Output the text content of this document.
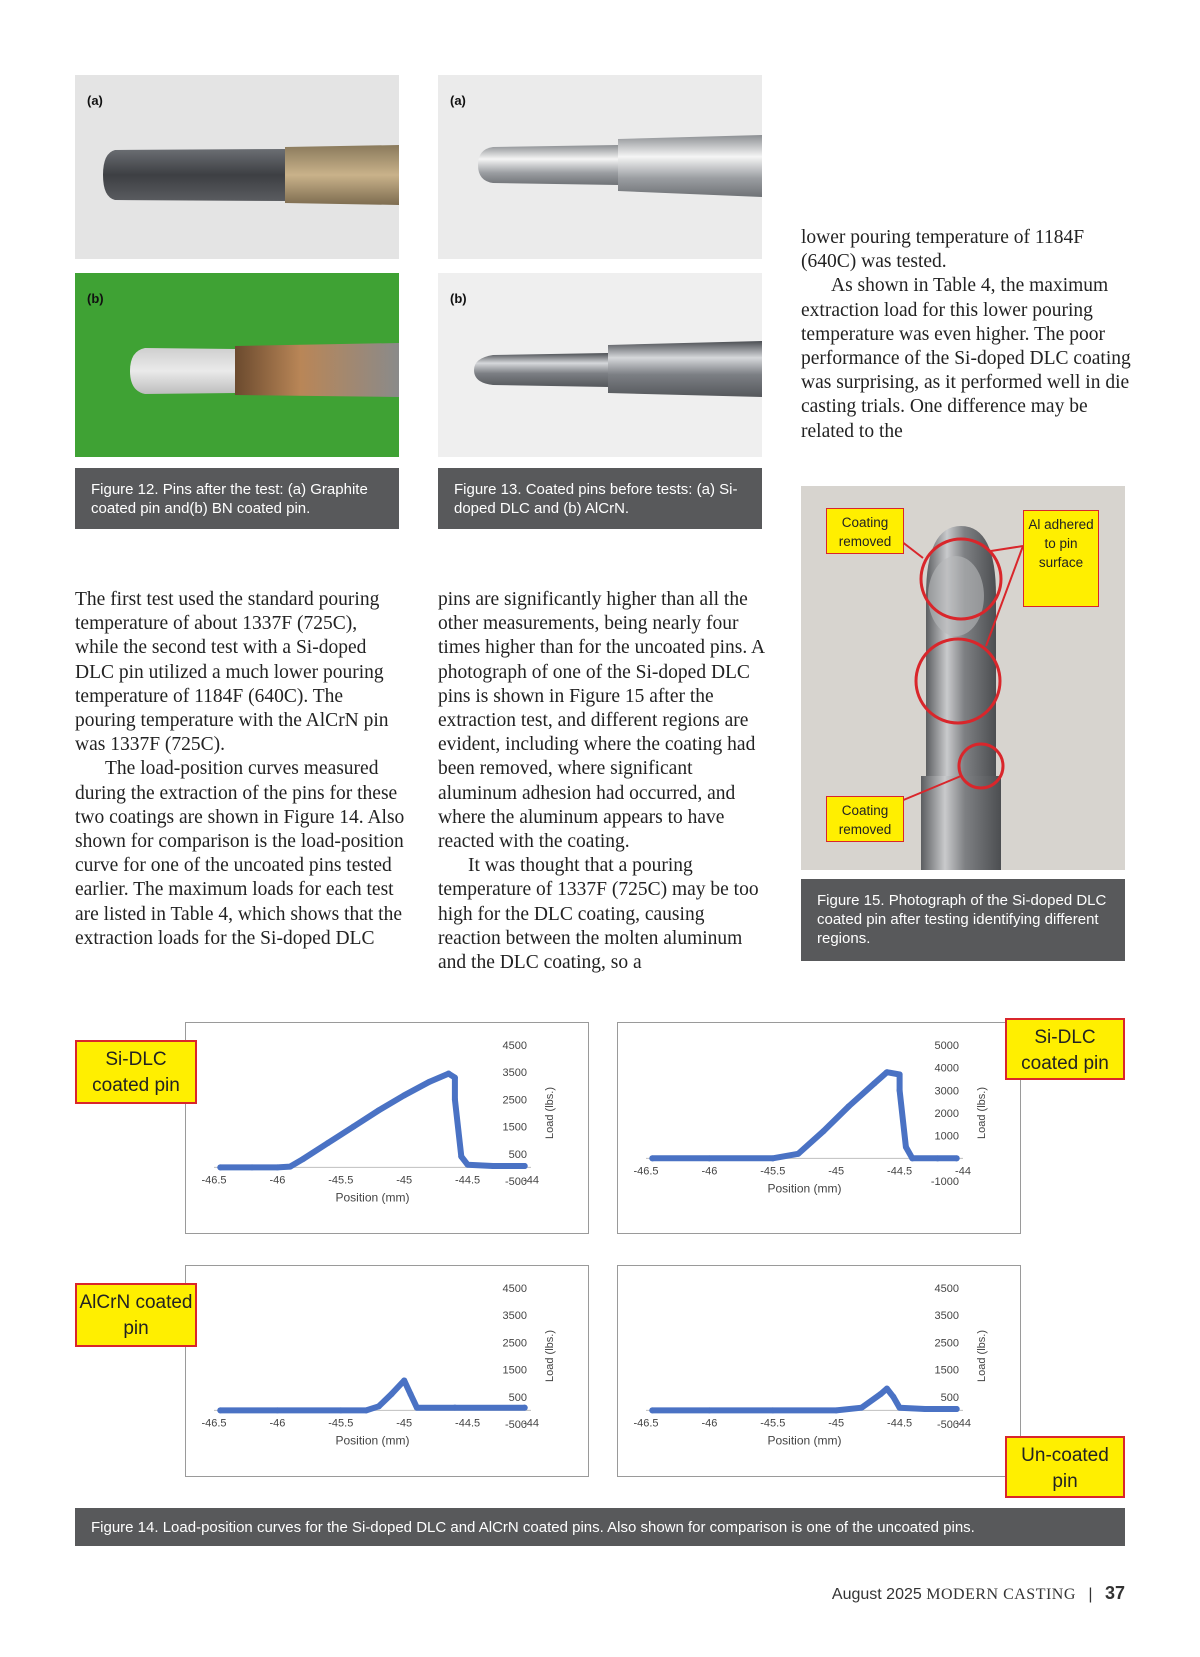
(a)
(b)
Figure 12. Pins after the test: (a) Graphite coated pin and(b) BN coated pin.
(a)
(b)
Figure 13. Coated pins before tests: (a) Si-doped DLC and (b) AlCrN.

lower pouring temperature of 1184F (640C) was tested.

As shown in Table 4, the maximum extraction load for this lower pouring temperature was even higher. The poor performance of the Si-doped DLC coating was surprising, as it performed well in die casting trials. One difference may be related to the

Coating removed
Al adhered to pin surface
Coating removed
Figure 15. Photograph of the Si-doped DLC coated pin after testing identifying different regions.

The first test used the standard pouring temperature of about 1337F (725C), while the second test with a Si-doped DLC pin utilized a much lower pouring temperature of 1184F (640C). The pouring temperature with the AlCrN pin was 1337F (725C).

The load-position curves measured during the extraction of the pins for these two coatings are shown in Figure 14. Also shown for comparison is the load-position curve for one of the uncoated pins tested earlier. The maximum loads for each test are listed in Table 4, which shows that the extraction loads for the Si-doped DLC

pins are significantly higher than all the other measurements, being nearly four times higher than for the uncoated pins. A photograph of one of the Si-doped DLC pins is shown in Figure 15 after the extraction test, and different regions are evident, including where the coating had been removed, where significant aluminum adhesion had occurred, and where the aluminum appears to have reacted with the coating.

It was thought that a pouring temperature of 1337F (725C) may be too high for the DLC coating, causing reaction between the molten aluminum and the DLC coating, so a

-46.5	-46	-45.5	-45	-44.5	-44
-500
500
1500
2500
3500
4500
Position (mm)
Load (lbs.)
-46.5	-46	-45.5	-45	-44.5	-44
-1000
1000
2000
3000
4000
5000
Position (mm)
Load (lbs.)
-46.5	-46	-45.5	-45	-44.5	-44
-500
500
1500
2500
3500
4500
Position (mm)
Load (lbs.)
-46.5	-46	-45.5	-45	-44.5	-44
-500
500
1500
2500
3500
4500
Position (mm)
Load (lbs.)
Si-DLC coated pin
Si-DLC coated pin
AlCrN coated pin
Un-coated pin
Figure 14. Load-position curves for the Si-doped DLC and AlCrN coated pins. Also shown for comparison is one of the uncoated pins.
August 2025 MODERN CASTING | 37
